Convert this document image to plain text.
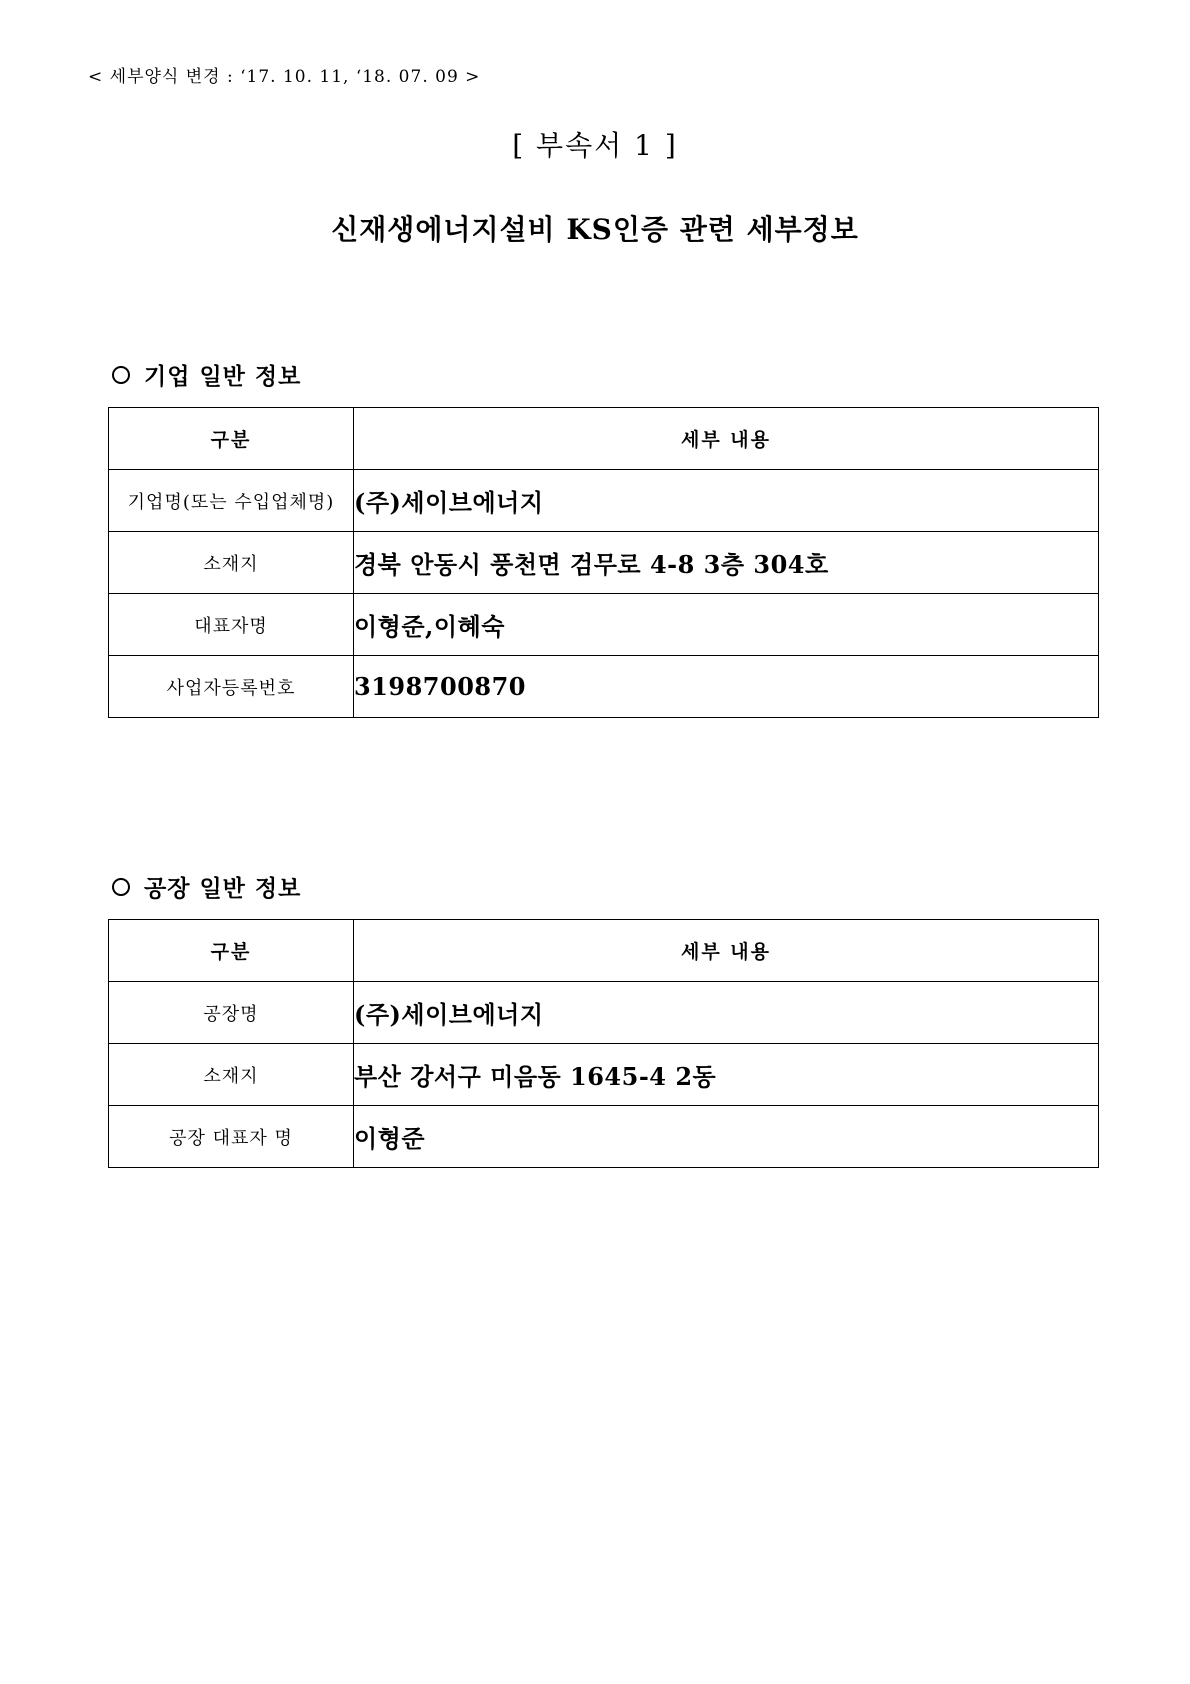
< 세부양식 변경 : ‘17. 10. 11, ‘18. 07. 09 >
[ 부속서 1 ]
신재생에너지설비 KS인증 관련 세부정보
기업 일반 정보
구분	세부 내용
기업명(또는 수입업체명)	(주)세이브에너지
소재지	경북 안동시 풍천면 검무로 4-8 3층 304호
대표자명	이형준,이혜숙
사업자등록번호	3198700870
공장 일반 정보
구분	세부 내용
공장명	(주)세이브에너지
소재지	부산 강서구 미음동 1645-4 2동
공장 대표자 명	이형준
